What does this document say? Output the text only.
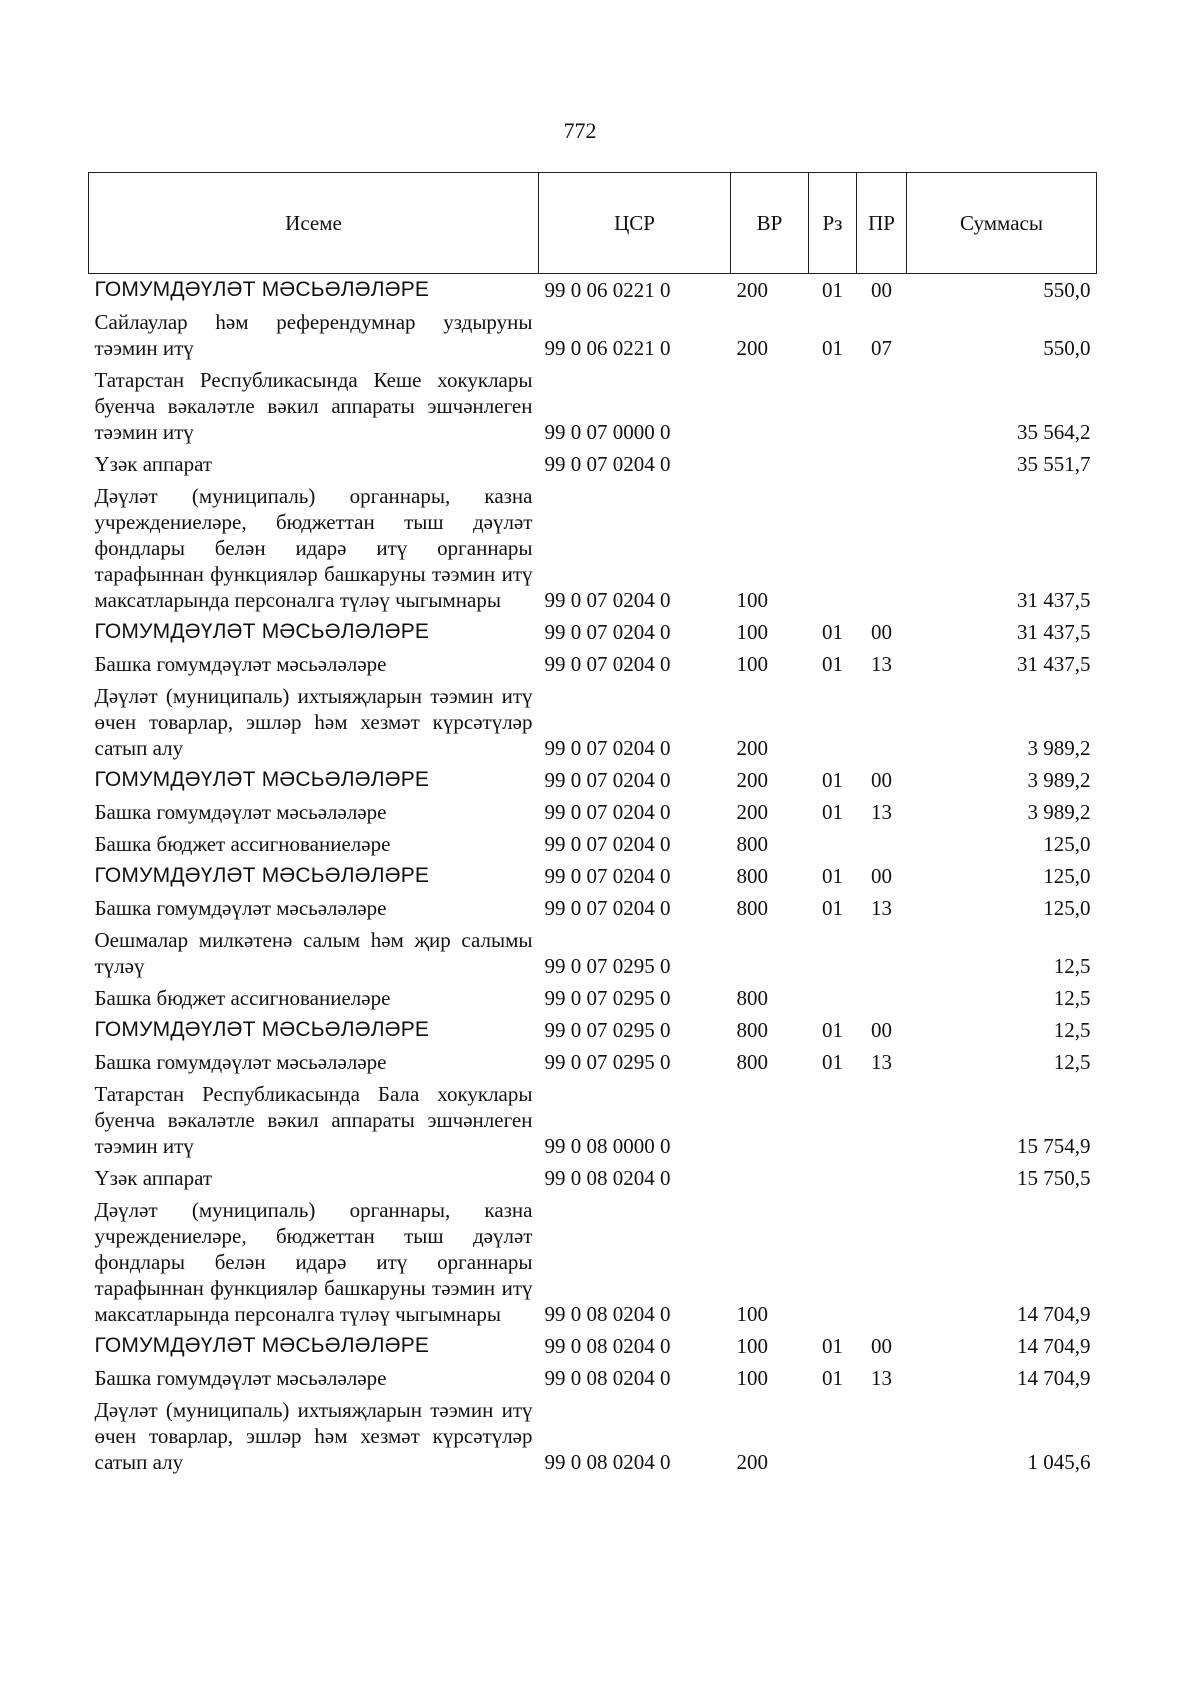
772
Исеме	ЦСР	ВР	Рз	ПР	Суммасы
ГОМУМДӘҮЛӘТ МӘСЬӘЛӘЛӘРЕ	99 0 06 0221 0	200	01	00	550,0
Сайлаулар һәм референдумнар уздыруны тәэмин итү	99 0 06 0221 0	200	01	07	550,0
Татарстан Республикасында Кеше хокуклары буенча вәкаләтле вәкил аппараты эшчәнлеген тәэмин итү	99 0 07 0000 0				35 564,2
Үзәк аппарат	99 0 07 0204 0				35 551,7
Дәүләт (муниципаль) органнары, казна учреждениеләре, бюджеттан тыш дәүләт фондлары белән идарә итү органнары тарафыннан функцияләр башкаруны тәэмин итү максатларында персоналга түләү чыгымнары	99 0 07 0204 0	100			31 437,5
ГОМУМДӘҮЛӘТ МӘСЬӘЛӘЛӘРЕ	99 0 07 0204 0	100	01	00	31 437,5
Башка гомумдәүләт мәсьәләләре	99 0 07 0204 0	100	01	13	31 437,5
Дәүләт (муниципаль) ихтыяҗларын тәэмин итү өчен товарлар, эшләр һәм хезмәт күрсәтүләр сатып алу	99 0 07 0204 0	200			3 989,2
ГОМУМДӘҮЛӘТ МӘСЬӘЛӘЛӘРЕ	99 0 07 0204 0	200	01	00	3 989,2
Башка гомумдәүләт мәсьәләләре	99 0 07 0204 0	200	01	13	3 989,2
Башка бюджет ассигнованиеләре	99 0 07 0204 0	800			125,0
ГОМУМДӘҮЛӘТ МӘСЬӘЛӘЛӘРЕ	99 0 07 0204 0	800	01	00	125,0
Башка гомумдәүләт мәсьәләләре	99 0 07 0204 0	800	01	13	125,0
Оешмалар милкәтенә салым һәм җир салымы түләү	99 0 07 0295 0				12,5
Башка бюджет ассигнованиеләре	99 0 07 0295 0	800			12,5
ГОМУМДӘҮЛӘТ МӘСЬӘЛӘЛӘРЕ	99 0 07 0295 0	800	01	00	12,5
Башка гомумдәүләт мәсьәләләре	99 0 07 0295 0	800	01	13	12,5
Татарстан Республикасында Бала хокуклары буенча вәкаләтле вәкил аппараты эшчәнлеген тәэмин итү	99 0 08 0000 0				15 754,9
Үзәк аппарат	99 0 08 0204 0				15 750,5
Дәүләт (муниципаль) органнары, казна учреждениеләре, бюджеттан тыш дәүләт фондлары белән идарә итү органнары тарафыннан функцияләр башкаруны тәэмин итү максатларында персоналга түләү чыгымнары	99 0 08 0204 0	100			14 704,9
ГОМУМДӘҮЛӘТ МӘСЬӘЛӘЛӘРЕ	99 0 08 0204 0	100	01	00	14 704,9
Башка гомумдәүләт мәсьәләләре	99 0 08 0204 0	100	01	13	14 704,9
Дәүләт (муниципаль) ихтыяҗларын тәэмин итү өчен товарлар, эшләр һәм хезмәт күрсәтүләр сатып алу	99 0 08 0204 0	200			1 045,6
